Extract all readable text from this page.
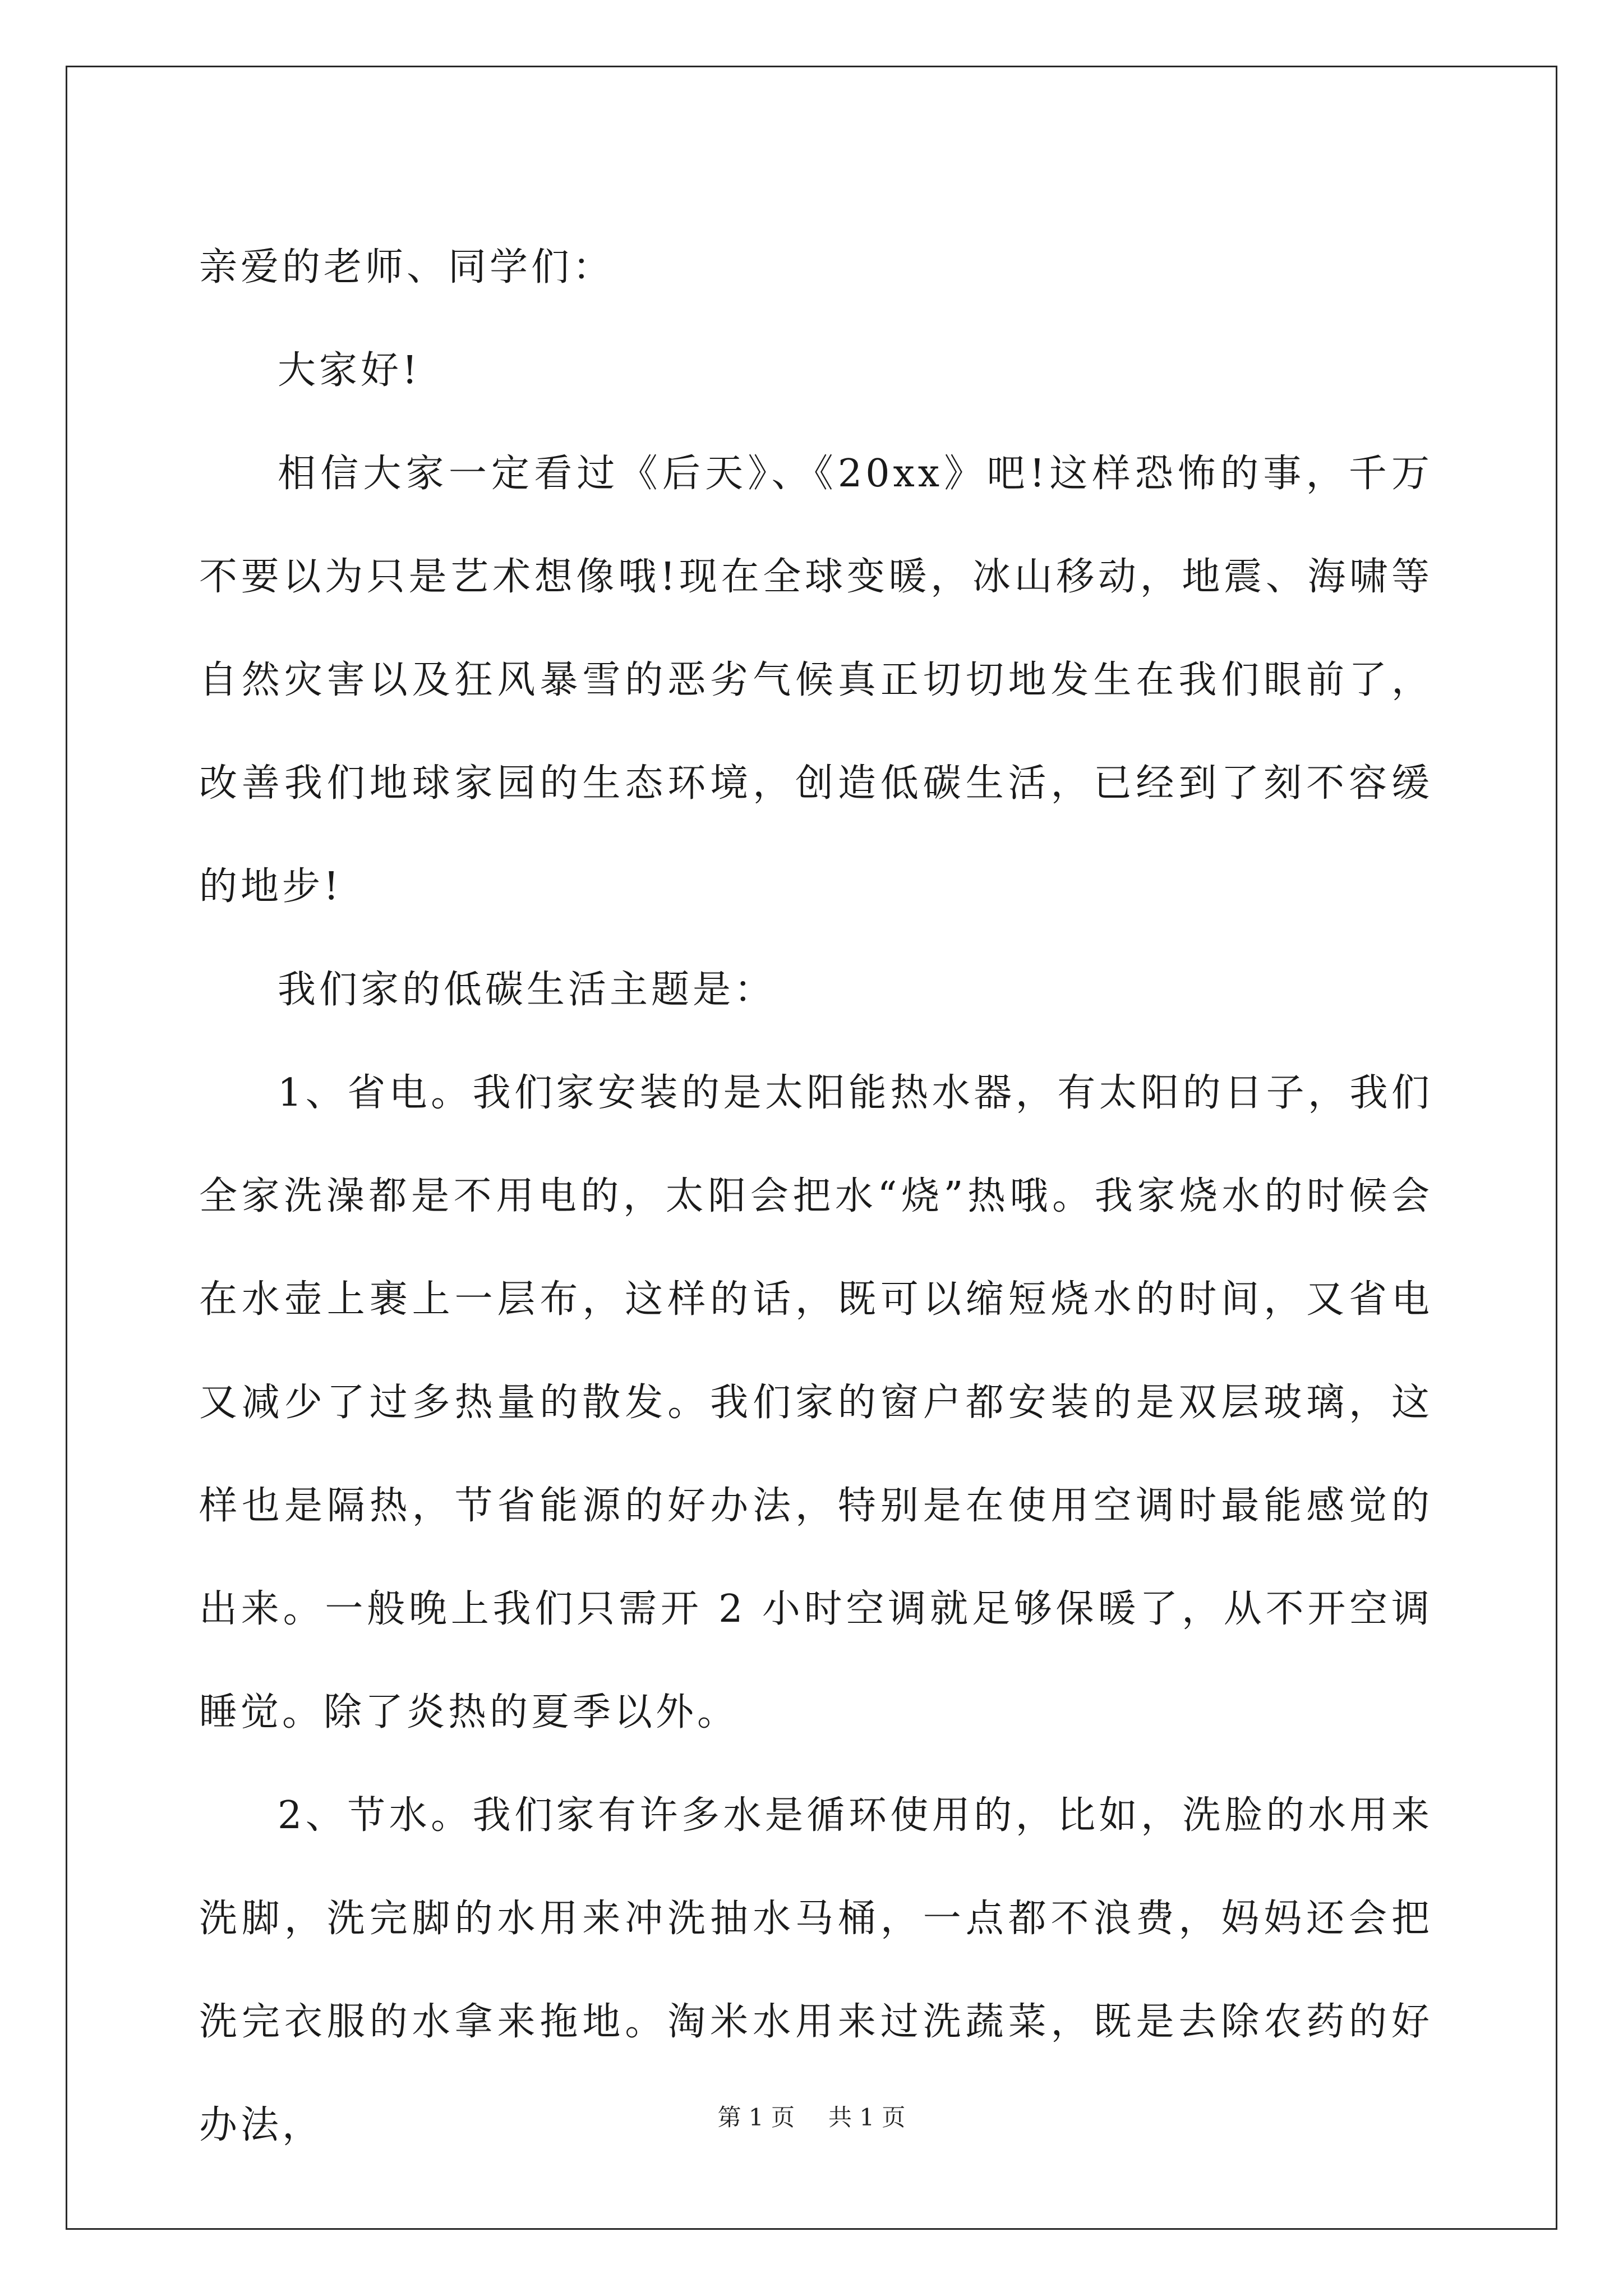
亲爱的老师、同学们：

大家好!

相信大家一定看过《后天》、《20xx》吧!这样恐怖的事，千万不要以为只是艺术想像哦!现在全球变暖，冰山移动，地震、海啸等自然灾害以及狂风暴雪的恶劣气候真正切切地发生在我们眼前了，改善我们地球家园的生态环境，创造低碳生活，已经到了刻不容缓的地步!

我们家的低碳生活主题是：

1、省电。我们家安装的是太阳能热水器，有太阳的日子，我们全家洗澡都是不用电的，太阳会把水“烧”热哦。我家烧水的时候会在水壶上裹上一层布，这样的话，既可以缩短烧水的时间，又省电又减少了过多热量的散发。我们家的窗户都安装的是双层玻璃，这样也是隔热，节省能源的好办法，特别是在使用空调时最能感觉的出来。一般晚上我们只需开 2 小时空调就足够保暖了，从不开空调睡觉。除了炎热的夏季以外。

2、节水。我们家有许多水是循环使用的，比如，洗脸的水用来洗脚，洗完脚的水用来冲洗抽水马桶，一点都不浪费，妈妈还会把洗完衣服的水拿来拖地。淘米水用来过洗蔬菜，既是去除农药的好办法，	第 1 页 共 1 页
